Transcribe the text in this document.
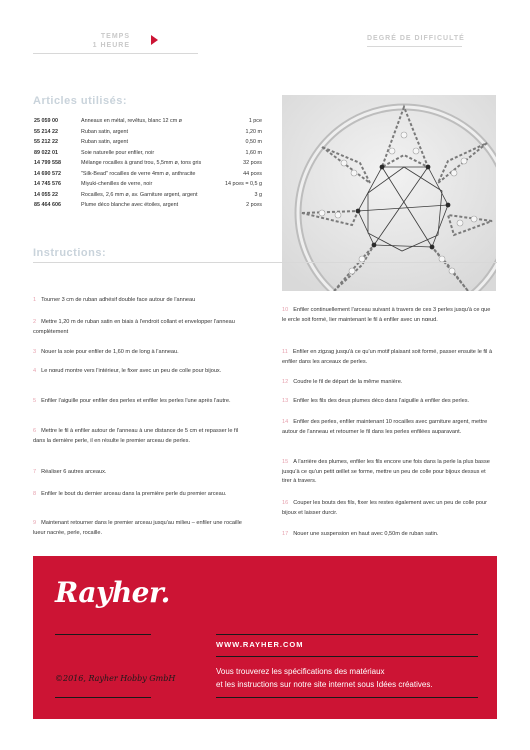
TEMPS
1 HEURE
DEGRÉ DE DIFFICULTÉ
Articles utilisés:
25 059 00	Anneaux en métal, revêtus, blanc 12 cm ø	1 pce
55 214 22	Ruban satin, argent	1,20 m
55 212 22	Ruban satin, argent	0,50 m
89 022 01	Soie naturelle pour enfiler, noir	1,60 m
14 799 558	Mélange rocailles à grand trou, 5,5mm ø, tons gris	32 pces
14 690 572	"Silk-Bead" rocailles de verre 4mm ø, anthracite	44 pces
14 745 576	Miyuki-chenilles de verre, noir	14 pces = 0,5 g
14 055 22	Rocailles, 2,6 mm ø, av. Garniture argent, argent	3 g
85 464 606	Plume déco blanche avec étoiles, argent	2 pces
Instructions:
1 Tourner 3 cm de ruban adhésif double face autour de l'anneau
2 Mettre 1,20 m de ruban satin en biais à l'endroit collant et envelopper l'anneau complètement
3 Nouer la soie pour enfiler de 1,60 m de long à l'anneau.
4 Le nœud montre vers l'intérieur, le fixer avec un peu de colle pour bijoux.
5 Enfiler l'aiguille pour enfiler des perles et enfiler les perles l'une après l'autre.
6 Mettre le fil à enfiler autour de l'anneau à une distance de 5 cm et repasser le fil dans la dernière perle, il en résulte le premier arceau de perles.
7 Réaliser 6 autres arceaux.
8 Enfiler le bout du dernier arceau dans la première perle du premier arceau.
9 Maintenant retourner dans le premier arceau jusqu'au milieu – enfiler une rocaille lueur nacrée, perle, rocaille.
10 Enfiler continuellement l'arceau suivant à travers de ces 3 perles jusqu'à ce que le ercle soit formé, lier maintenant le fil à enfiler avec un nœud.
11 Enfiler en zigzag jusqu'à ce qu'un motif plaisant soit formé, passer ensuite le fil à enfiler dans les arceaux de perles.
12 Coudre le fil de départ de la même manière.
13 Enfiler les fils des deux plumes déco dans l'aiguille à enfiler des perles.
14 Enfiler des perles, enfiler maintenant 10 rocailles avec garniture argent, mettre autour de l'anneau et retourner le fil dans les perles enfilées auparavant.
15 A l'arrière des plumes, enfiler les fils encore une fois dans la perle la plus basse jusqu'à ce qu'un petit œillet se forme, mettre un peu de colle pour bijoux dessus et tirer à travers.
16 Couper les bouts des fils, fixer les restes également avec un peu de colle pour bijoux et laisser durcir.
17 Nouer une suspension en haut avec 0,50m de ruban satin.
Rayher.
WWW.RAYHER.COM
©2016, Rayher Hobby GmbH
Vous trouverez les spécifications des matériaux
et les instructions sur notre site internet sous Idées créatives.
